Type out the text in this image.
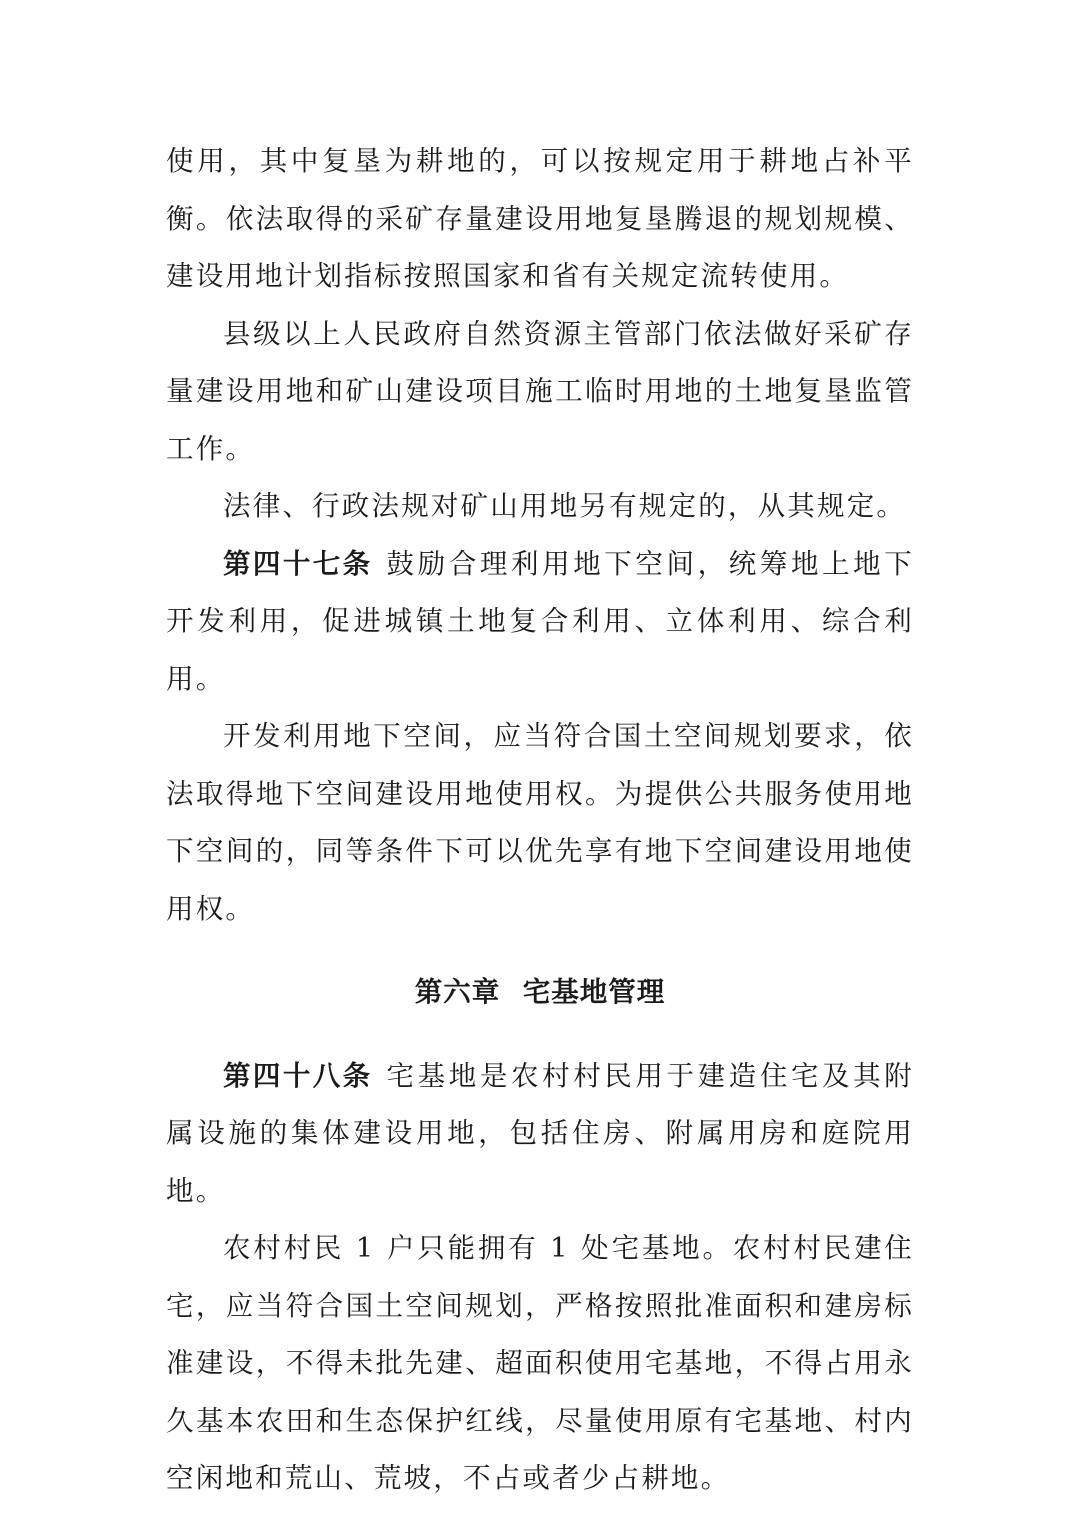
使用，其中复垦为耕地的，可以按规定用于耕地占补平衡。依法取得的采矿存量建设用地复垦腾退的规划规模、建设用地计划指标按照国家和省有关规定流转使用。

县级以上人民政府自然资源主管部门依法做好采矿存量建设用地和矿山建设项目施工临时用地的土地复垦监管工作。

法律、行政法规对矿山用地另有规定的，从其规定。

第四十七条 鼓励合理利用地下空间，统筹地上地下开发利用，促进城镇土地复合利用、立体利用、综合利用。

开发利用地下空间，应当符合国土空间规划要求，依法取得地下空间建设用地使用权。为提供公共服务使用地下空间的，同等条件下可以优先享有地下空间建设用地使用权。

第六章 宅基地管理

第四十八条 宅基地是农村村民用于建造住宅及其附属设施的集体建设用地，包括住房、附属用房和庭院用地。

农村村民 1 户只能拥有 1 处宅基地。农村村民建住宅，应当符合国土空间规划，严格按照批准面积和建房标准建设，不得未批先建、超面积使用宅基地，不得占用永久基本农田和生态保护红线，尽量使用原有宅基地、村内空闲地和荒山、荒坡，不占或者少占耕地。
